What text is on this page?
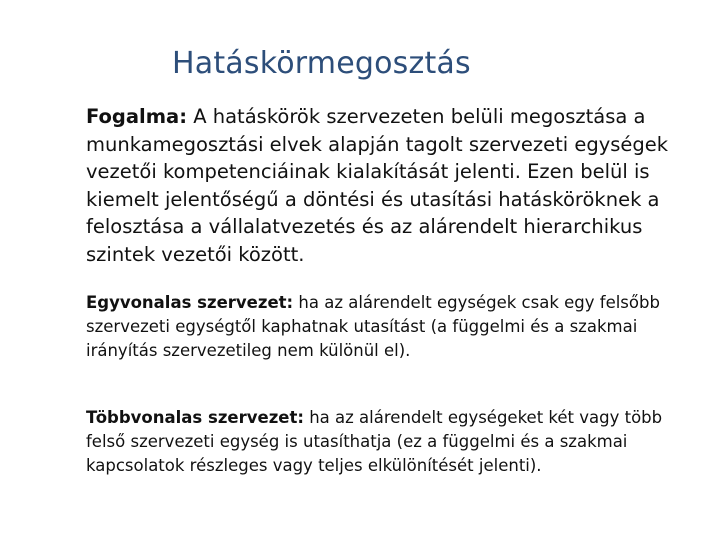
Hatáskörmegosztás
Fogalma: A hatáskörök szervezeten belüli megosztása a munkamegosztási elvek alapján tagolt szervezeti egységek vezetői kompetenciáinak kialakítását jelenti. Ezen belül is kiemelt jelentőségű a döntési és utasítási hatásköröknek a felosztása a vállalatvezetés és az alárendelt hierarchikus szintek vezetői között.
Egyvonalas szervezet: ha az alárendelt egységek csak egy felsőbb szervezeti egységtől kaphatnak utasítást (a függelmi és a szakmai irányítás szervezetileg nem különül el).
Többvonalas szervezet: ha az alárendelt egységeket két vagy több felső szervezeti egység is utasíthatja (ez a függelmi és a szakmai kapcsolatok részleges vagy teljes elkülönítését jelenti).
